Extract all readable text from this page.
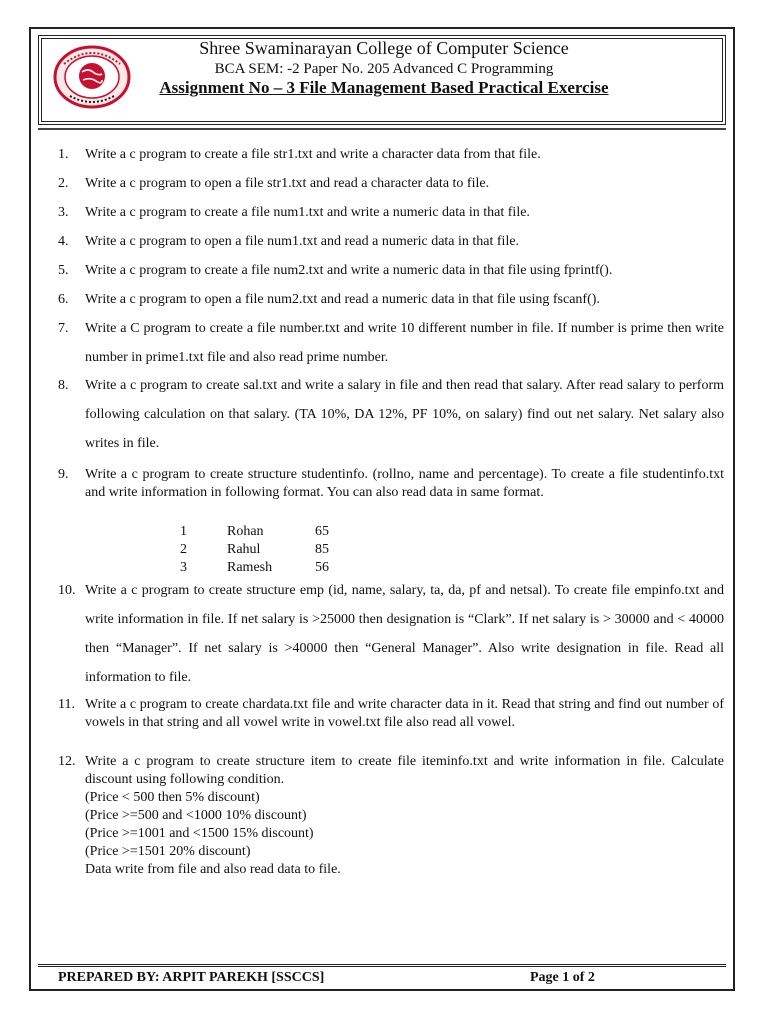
Shree Swaminarayan College of Computer Science
BCA SEM: -2 Paper No. 205 Advanced C Programming
Assignment No – 3 File Management Based Practical Exercise
1.	Write a c program to create a file str1.txt and write a character data from that file.
2.	Write a c program to open a file str1.txt and read a character data to file.
3.	Write a c program to create a file num1.txt and write a numeric data in that file.
4.	Write a c program to open a file num1.txt and read a numeric data in that file.
5.	Write a c program to create a file num2.txt and write a numeric data in that file using fprintf().
6.	Write a c program to open a file num2.txt and read a numeric data in that file using fscanf().
7.	Write a C program to create a file number.txt and write 10 different number in file. If number is prime then write number in prime1.txt file and also read prime number.
8.	Write a c program to create sal.txt and write a salary in file and then read that salary. After read salary to perform following calculation on that salary. (TA 10%, DA 12%, PF 10%, on salary) find out net salary. Net salary also writes in file.
9.	Write a c program to create structure studentinfo. (rollno, name and percentage). To create a file studentinfo.txt and write information in following format. You can also read data in same format.
1	Rohan	65
2	Rahul	85
3	Ramesh	56
10. Write a c program to create structure emp (id, name, salary, ta, da, pf and netsal). To create file empinfo.txt and write information in file. If net salary is >25000 then designation is “Clark”. If net salary is > 30000 and < 40000 then “Manager”. If net salary is >40000 then “General Manager”. Also write designation in file. Read all information to file.
11. Write a c program to create chardata.txt file and write character data in it. Read that string and find out number of vowels in that string and all vowel write in vowel.txt file also read all vowel.
12. Write a c program to create structure item to create file iteminfo.txt and write information in file. Calculate discount using following condition.
(Price < 500 then 5% discount)
(Price >=500 and <1000 10% discount)
(Price >=1001 and <1500 15% discount)
(Price >=1501 20% discount)
Data write from file and also read data to file.
PREPARED BY: ARPIT PAREKH [SSCCS]	Page 1 of 2
